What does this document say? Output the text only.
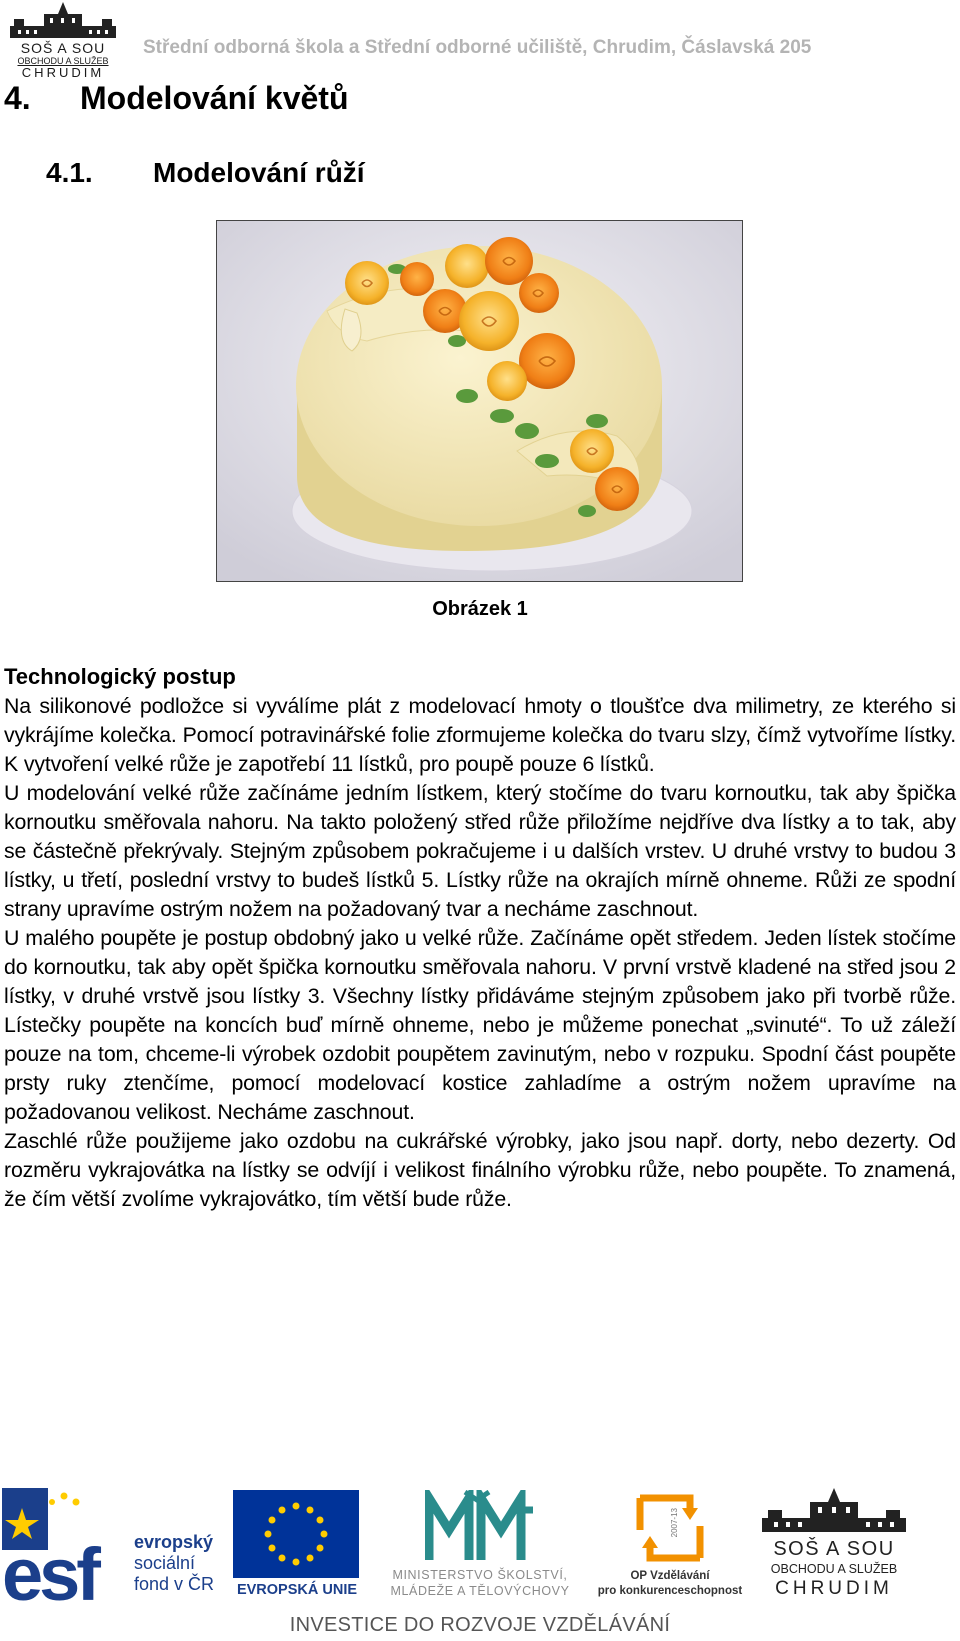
SOŠ A SOU
OBCHODU A SLUŽEB
CHRUDIM
Střední odborná škola a Střední odborné učiliště, Chrudim, Čáslavská 205
4. Modelování květů
4.1. Modelování růží
Obrázek 1
Technologický postup

Na silikonové podložce si vyválíme plát z modelovací hmoty o tloušťce dva milimetry, ze kterého si vykrájíme kolečka. Pomocí potravinářské folie zformujeme kolečka do tvaru slzy, čímž vytvoříme lístky. K vytvoření velké růže je zapotřebí 11 lístků, pro poupě pouze 6 lístků.

U modelování velké růže začínáme jedním lístkem, který stočíme do tvaru kornoutku, tak aby špička kornoutku směřovala nahoru. Na takto položený střed růže přiložíme nejdříve dva lístky a to tak, aby se částečně překrývaly. Stejným způsobem pokračujeme i u dalších vrstev. U druhé vrstvy to budou 3 lístky, u třetí, poslední vrstvy to budeš lístků 5. Lístky růže na okrajích mírně ohneme. Růži ze spodní strany upravíme ostrým nožem na požadovaný tvar a necháme zaschnout.

U malého poupěte je postup obdobný jako u velké růže. Začínáme opět středem. Jeden lístek stočíme do kornoutku, tak aby opět špička kornoutku směřovala nahoru. V první vrstvě kladené na střed jsou 2 lístky, v druhé vrstvě jsou lístky 3. Všechny lístky přidáváme stejným způsobem jako při tvorbě růže. Lístečky poupěte na koncích buď mírně ohneme, nebo je můžeme ponechat „svinuté“. To už záleží pouze na tom, chceme-li výrobek ozdobit poupětem zavinutým, nebo v rozpuku. Spodní část poupěte prsty ruky ztenčíme, pomocí modelovací kostice zahladíme a ostrým nožem upravíme na požadovanou velikost. Necháme zaschnout.

Zaschlé růže použijeme jako ozdobu na cukrářské výrobky, jako jsou např. dorty, nebo dezerty. Od rozměru vykrajovátka na lístky se odvíjí i velikost finálního výrobku růže, nebo poupěte. To znamená, že čím větší zvolíme vykrajovátko, tím větší bude růže.

esf evropský
sociální
fond v ČR EVROPSKÁ UNIE
MINISTERSTVO ŠKOLSTVÍ,
MLÁDEŽE A TĚLOVÝCHOVY
2007-13
OP Vzdělávání
pro konkurenceschopnost
SOŠ A SOU
OBCHODU A SLUŽEB
CHRUDIM
INVESTICE DO ROZVOJE VZDĚLÁVÁNÍ
